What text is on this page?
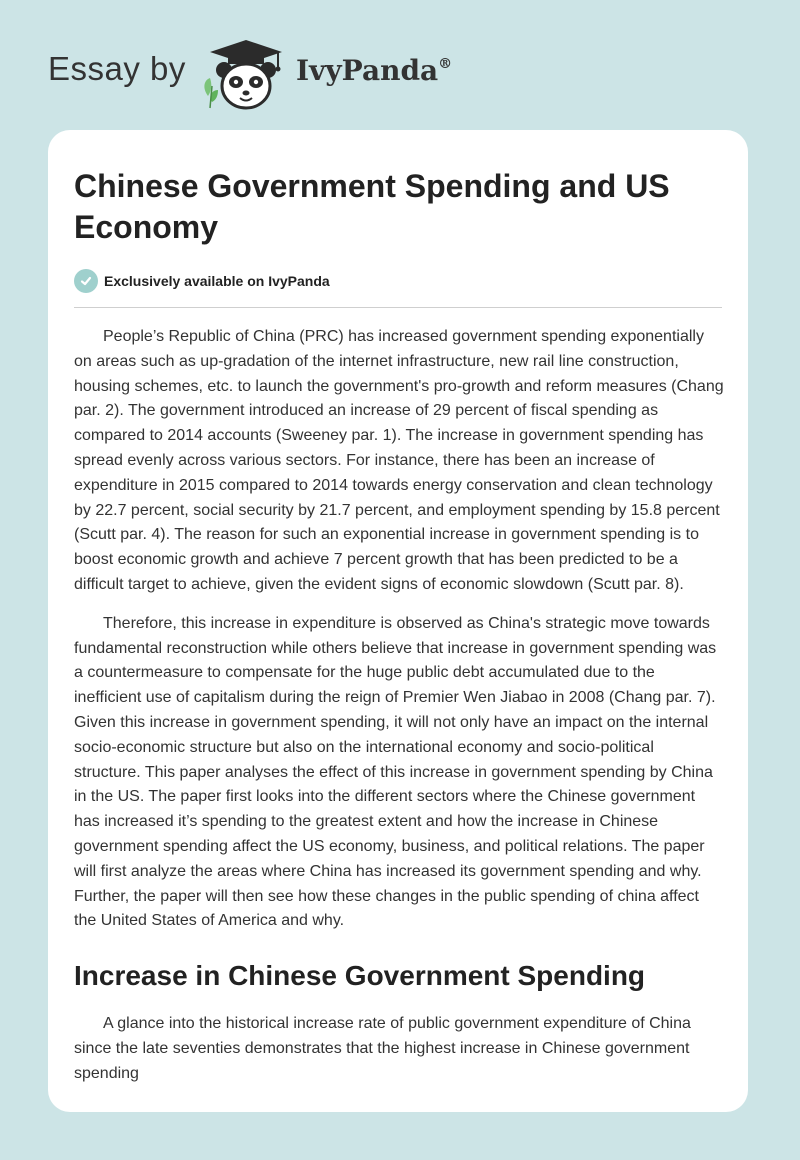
Essay by	IvyPanda®
Chinese Government Spending and US Economy
Exclusively available on IvyPanda

People’s Republic of China (PRC) has increased government spending exponentially on areas such as up-gradation of the internet infrastructure, new rail line construction, housing schemes, etc. to launch the government's pro-growth and reform measures (Chang par. 2). The government introduced an increase of 29 percent of fiscal spending as compared to 2014 accounts (Sweeney par. 1). The increase in government spending has spread evenly across various sectors. For instance, there has been an increase of expenditure in 2015 compared to 2014 towards energy conservation and clean technology by 22.7 percent, social security by 21.7 percent, and employment spending by 15.8 percent (Scutt par. 4). The reason for such an exponential increase in government spending is to boost economic growth and achieve 7 percent growth that has been predicted to be a difficult target to achieve, given the evident signs of economic slowdown (Scutt par. 8).

Therefore, this increase in expenditure is observed as China's strategic move towards fundamental reconstruction while others believe that increase in government spending was a countermeasure to compensate for the huge public debt accumulated due to the inefficient use of capitalism during the reign of Premier Wen Jiabao in 2008 (Chang par. 7). Given this increase in government spending, it will not only have an impact on the internal socio-economic structure but also on the international economy and socio-political structure. This paper analyses the effect of this increase in government spending by China in the US. The paper first looks into the different sectors where the Chinese government has increased it’s spending to the greatest extent and how the increase in Chinese government spending affect the US economy, business, and political relations. The paper will first analyze the areas where China has increased its government spending and why. Further, the paper will then see how these changes in the public spending of china affect the United States of America and why.

Increase in Chinese Government Spending

A glance into the historical increase rate of public government expenditure of China since the late seventies demonstrates that the highest increase in Chinese government spending
